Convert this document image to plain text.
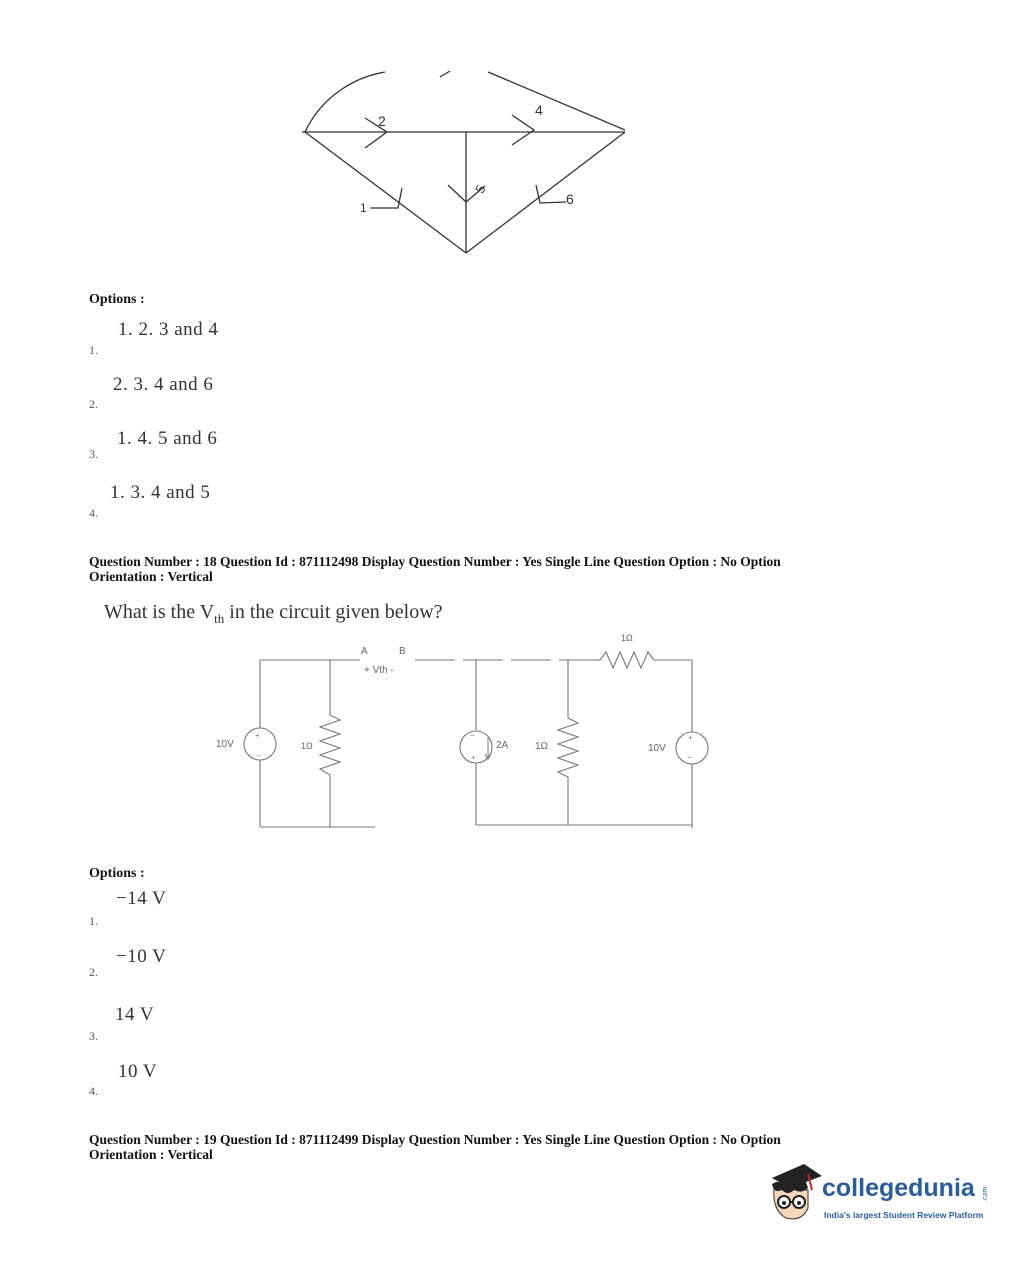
2
4
5
1
6
Options :
1. 2. 3 and 4
1.
2. 3. 4 and 6
2.
1. 4. 5 and 6
3.
1. 3. 4 and 5
4.
Question Number : 18 Question Id : 871112498 Display Question Number : Yes Single Line Question Option : No Option
Orientation : Vertical
What is the $V_{th}$ in the circuit given below?
+
−
−
+
+
−
A	B
+ Vth -
10V	1Ω	2A	1Ω
1Ω
10V
Options :
−14 V
1.
−10 V
2.
14 V
3.
10 V
4.
Question Number : 19 Question Id : 871112499 Display Question Number : Yes Single Line Question Option : No Option
Orientation : Vertical
collegedunia .com
India's largest Student Review Platform
